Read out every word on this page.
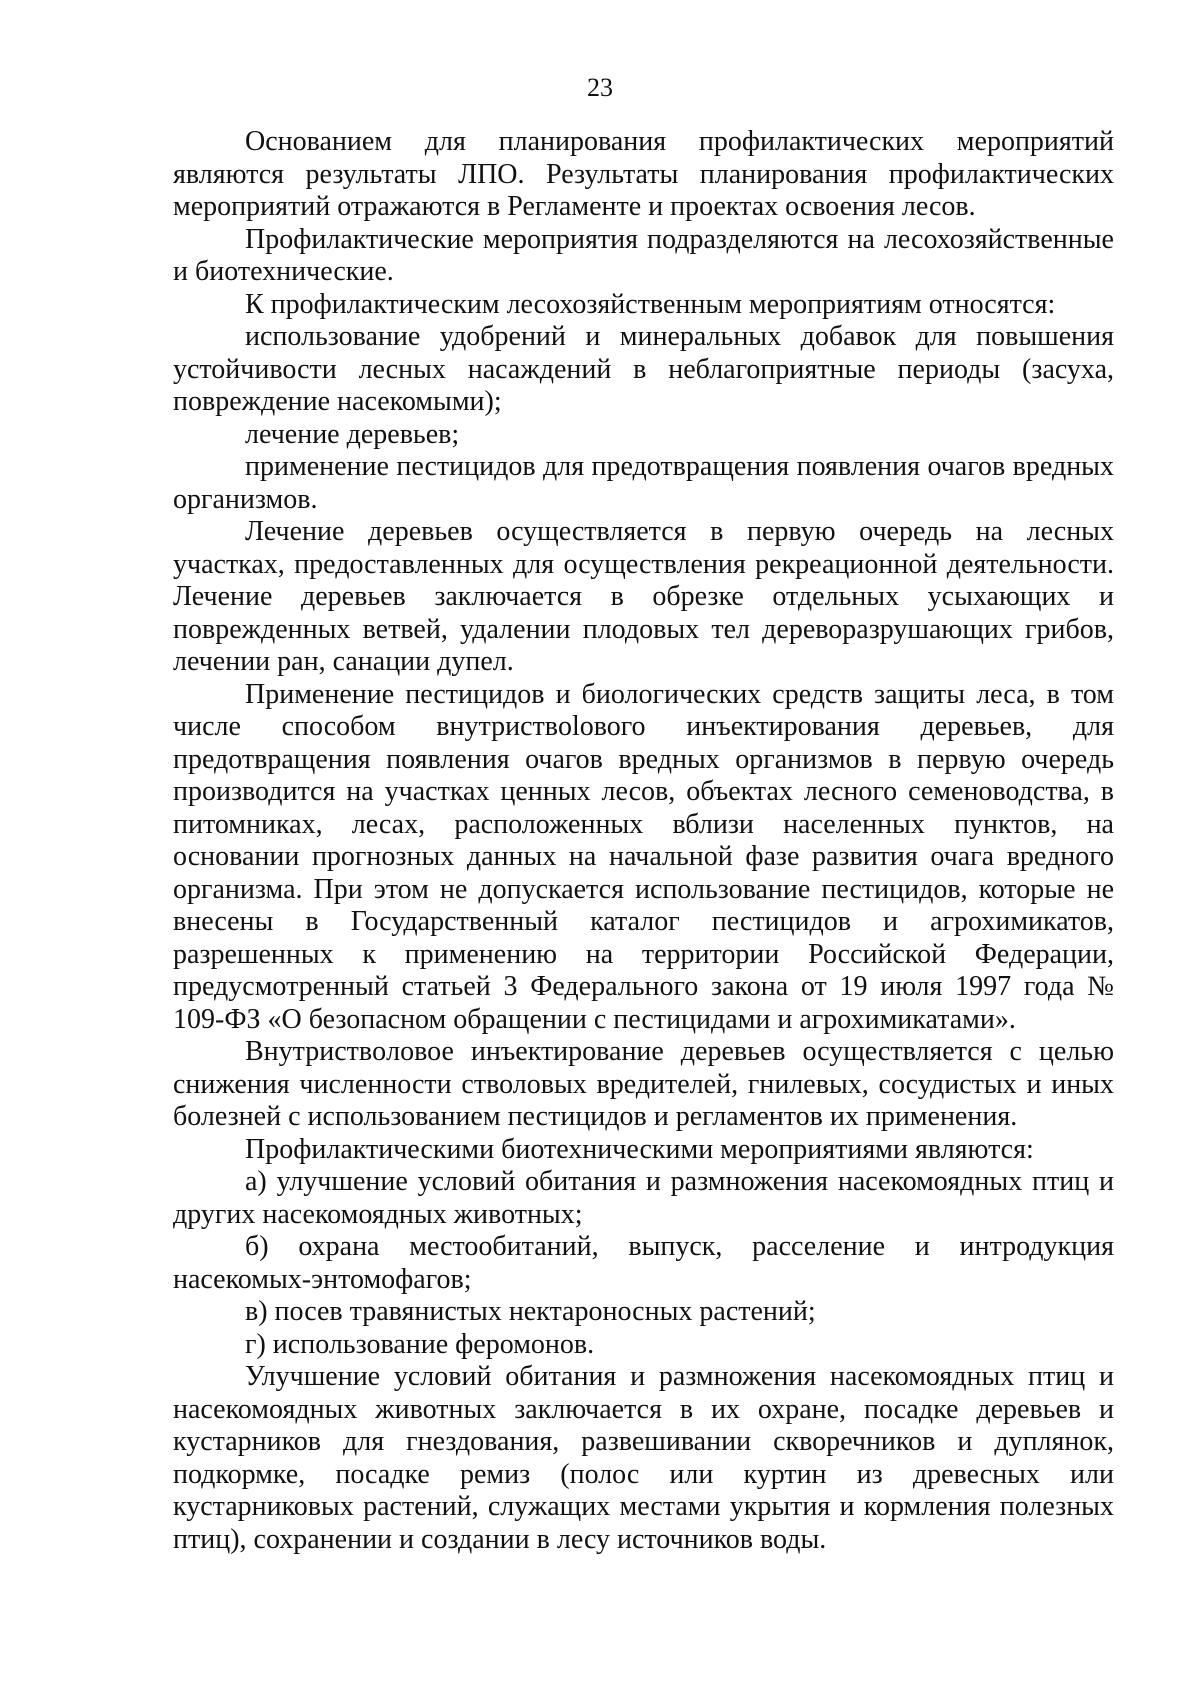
23

Основанием для планирования профилактических мероприятий являются результаты ЛПО. Результаты планирования профилактических мероприятий отражаются в Регламенте и проектах освоения лесов.

Профилактические мероприятия подразделяются на лесохозяйственные и биотехнические.

К профилактическим лесохозяйственным мероприятиям относятся:

использование удобрений и минеральных добавок для повышения устойчивости лесных насаждений в неблагоприятные периоды (засуха, повреждение насекомыми);

лечение деревьев;

применение пестицидов для предотвращения появления очагов вредных организмов.

Лечение деревьев осуществляется в первую очередь на лесных участках, предоставленных для осуществления рекреационной деятельности. Лечение деревьев заключается в обрезке отдельных усыхающих и поврежденных ветвей, удалении плодовых тел дереворазрушающих грибов, лечении ран, санации дупел.

Применение пестицидов и биологических средств защиты леса, в том числе способом внутриствolового инъектирования деревьев, для предотвращения появления очагов вредных организмов в первую очередь производится на участках ценных лесов, объектах лесного семеноводства, в питомниках, лесах, расположенных вблизи населенных пунктов, на основании прогнозных данных на начальной фазе развития очага вредного организма. При этом не допускается использование пестицидов, которые не внесены в Государственный каталог пестицидов и агрохимикатов, разрешенных к применению на территории Российской Федерации, предусмотренный статьей 3 Федерального закона от 19 июля 1997 года № 109-ФЗ «О безопасном обращении с пестицидами и агрохимикатами».

Внутриствoловое инъектирование деревьев осуществляется с целью снижения численности стволовых вредителей, гнилевых, сосудистых и иных болезней с использованием пестицидов и регламентов их применения.

Профилактическими биотехническими мероприятиями являются:

а) улучшение условий обитания и размножения насекомоядных птиц и других насекомоядных животных;

б) охрана местообитаний, выпуск, расселение и интродукция насекомых-энтомофагов;

в) посев травянистых нектароносных растений;

г) использование феромонов.

Улучшение условий обитания и размножения насекомоядных птиц и насекомоядных животных заключается в их охране, посадке деревьев и кустарников для гнездования, развешивании скворечников и дуплянок, подкормке, посадке ремиз (полос или куртин из древесных или кустарниковых растений, служащих местами укрытия и кормления полезных птиц), сохранении и создании в лесу источников воды.
